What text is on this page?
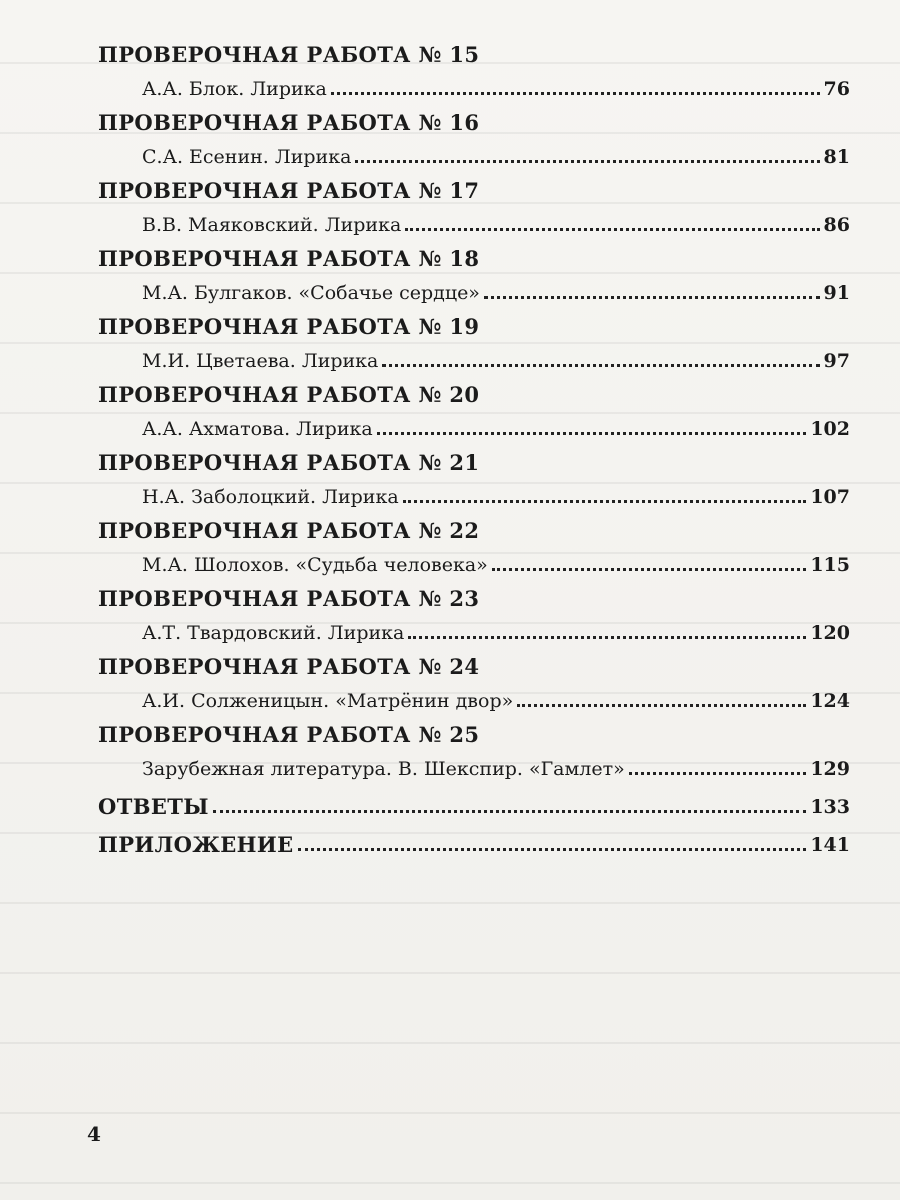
ПРОВЕРОЧНАЯ РАБОТА № 15
А.А. Блок. Лирика	76
ПРОВЕРОЧНАЯ РАБОТА № 16
С.А. Есенин. Лирика	81
ПРОВЕРОЧНАЯ РАБОТА № 17
В.В. Маяковский. Лирика	86
ПРОВЕРОЧНАЯ РАБОТА № 18
М.А. Булгаков. «Собачье сердце»	91
ПРОВЕРОЧНАЯ РАБОТА № 19
М.И. Цветаева. Лирика	97
ПРОВЕРОЧНАЯ РАБОТА № 20
А.А. Ахматова. Лирика	102
ПРОВЕРОЧНАЯ РАБОТА № 21
Н.А. Заболоцкий. Лирика	107
ПРОВЕРОЧНАЯ РАБОТА № 22
М.А. Шолохов. «Судьба человека»	115
ПРОВЕРОЧНАЯ РАБОТА № 23
А.Т. Твардовский. Лирика	120
ПРОВЕРОЧНАЯ РАБОТА № 24
А.И. Солженицын. «Матрёнин двор»	124
ПРОВЕРОЧНАЯ РАБОТА № 25
Зарубежная литература. В. Шекспир. «Гамлет»	129
ОТВЕТЫ	133
ПРИЛОЖЕНИЕ	141
4
